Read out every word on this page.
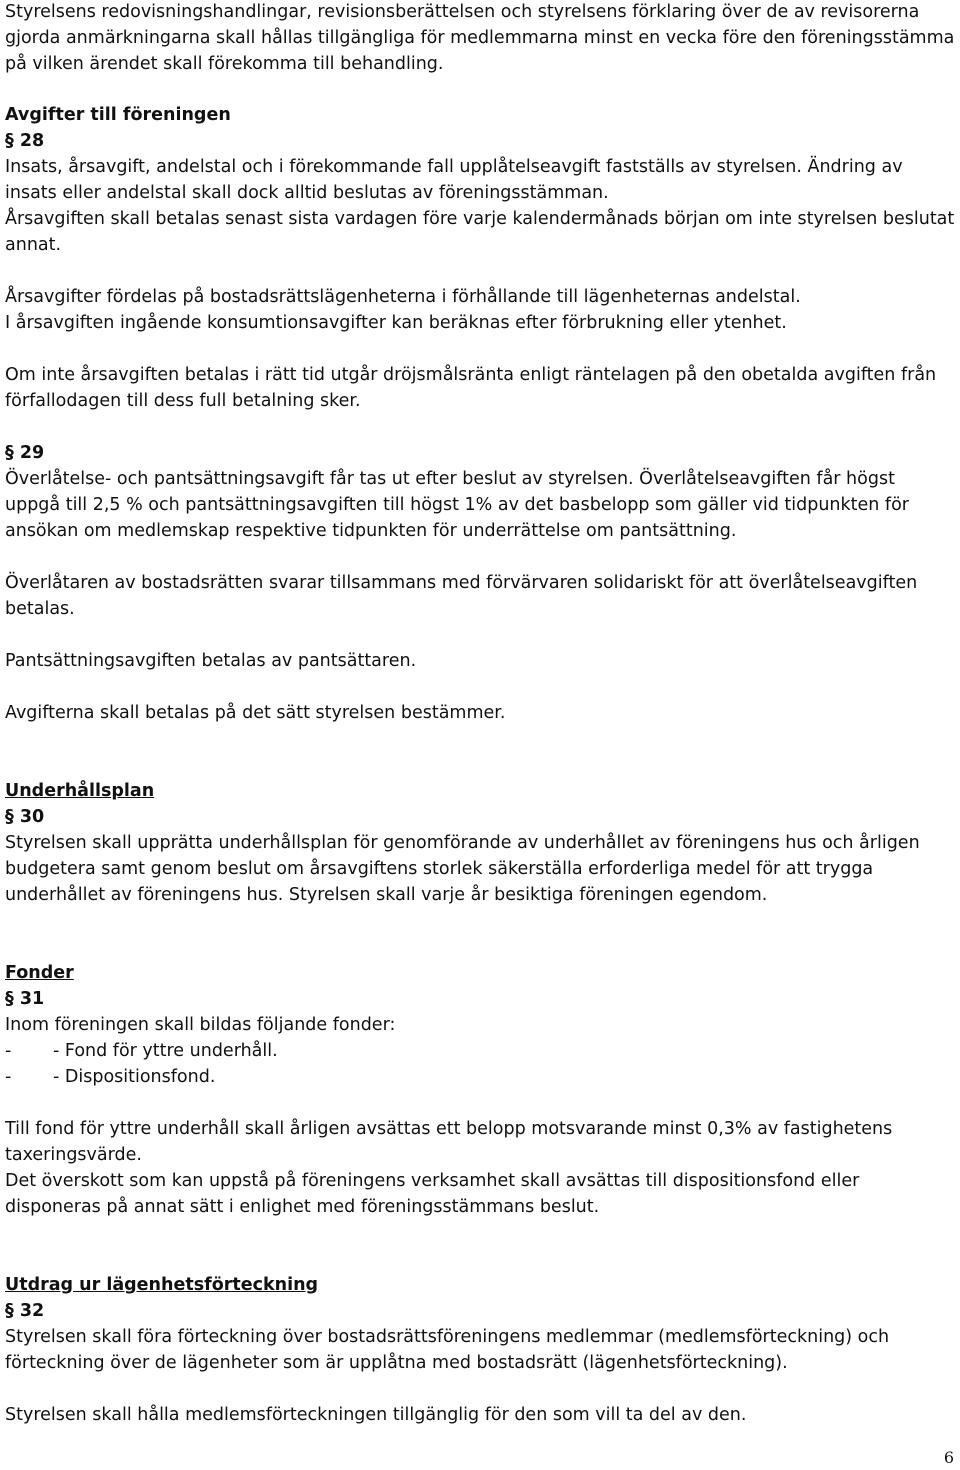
Styrelsens redovisningshandlingar, revisionsberättelsen och styrelsens förklaring över de av revisorerna gjorda anmärkningarna skall hållas tillgängliga för medlemmarna minst en vecka före den föreningsstämma på vilken ärendet skall förekomma till behandling.

Avgifter till föreningen

§ 28

Insats, årsavgift, andelstal och i förekommande fall upplåtelseavgift fastställs av styrelsen. Ändring av insats eller andelstal skall dock alltid beslutas av föreningsstämman.

Årsavgiften skall betalas senast sista vardagen före varje kalendermånads början om inte styrelsen beslutat annat.

Årsavgifter fördelas på bostadsrättslägenheterna i förhållande till lägenheternas andelstal.

I årsavgiften ingående konsumtionsavgifter kan beräknas efter förbrukning eller ytenhet.

Om inte årsavgiften betalas i rätt tid utgår dröjsmålsränta enligt räntelagen på den obetalda avgiften från förfallodagen till dess full betalning sker.

§ 29

Överlåtelse- och pantsättningsavgift får tas ut efter beslut av styrelsen. Överlåtelseavgiften får högst uppgå till 2,5 % och pantsättningsavgiften till högst 1% av det basbelopp som gäller vid tidpunkten för ansökan om medlemskap respektive tidpunkten för underrättelse om pantsättning.

Överlåtaren av bostadsrätten svarar tillsammans med förvärvaren solidariskt för att överlåtelseavgiften betalas.

Pantsättningsavgiften betalas av pantsättaren.

Avgifterna skall betalas på det sätt styrelsen bestämmer.

Underhållsplan

§ 30

Styrelsen skall upprätta underhållsplan för genomförande av underhållet av föreningens hus och årligen budgetera samt genom beslut om årsavgiftens storlek säkerställa erforderliga medel för att trygga underhållet av föreningens hus. Styrelsen skall varje år besiktiga föreningen egendom.

Fonder

§ 31

Inom föreningen skall bildas följande fonder:

-	- Fond för yttre underhåll.
-	- Dispositionsfond.

Till fond för yttre underhåll skall årligen avsättas ett belopp motsvarande minst 0,3% av fastighetens taxeringsvärde.

Det överskott som kan uppstå på föreningens verksamhet skall avsättas till dispositionsfond eller disponeras på annat sätt i enlighet med föreningsstämmans beslut.

Utdrag ur lägenhetsförteckning

§ 32

Styrelsen skall föra förteckning över bostadsrättsföreningens medlemmar (medlemsförteckning) och förteckning över de lägenheter som är upplåtna med bostadsrätt (lägenhetsförteckning).

Styrelsen skall hålla medlemsförteckningen tillgänglig för den som vill ta del av den.

6
